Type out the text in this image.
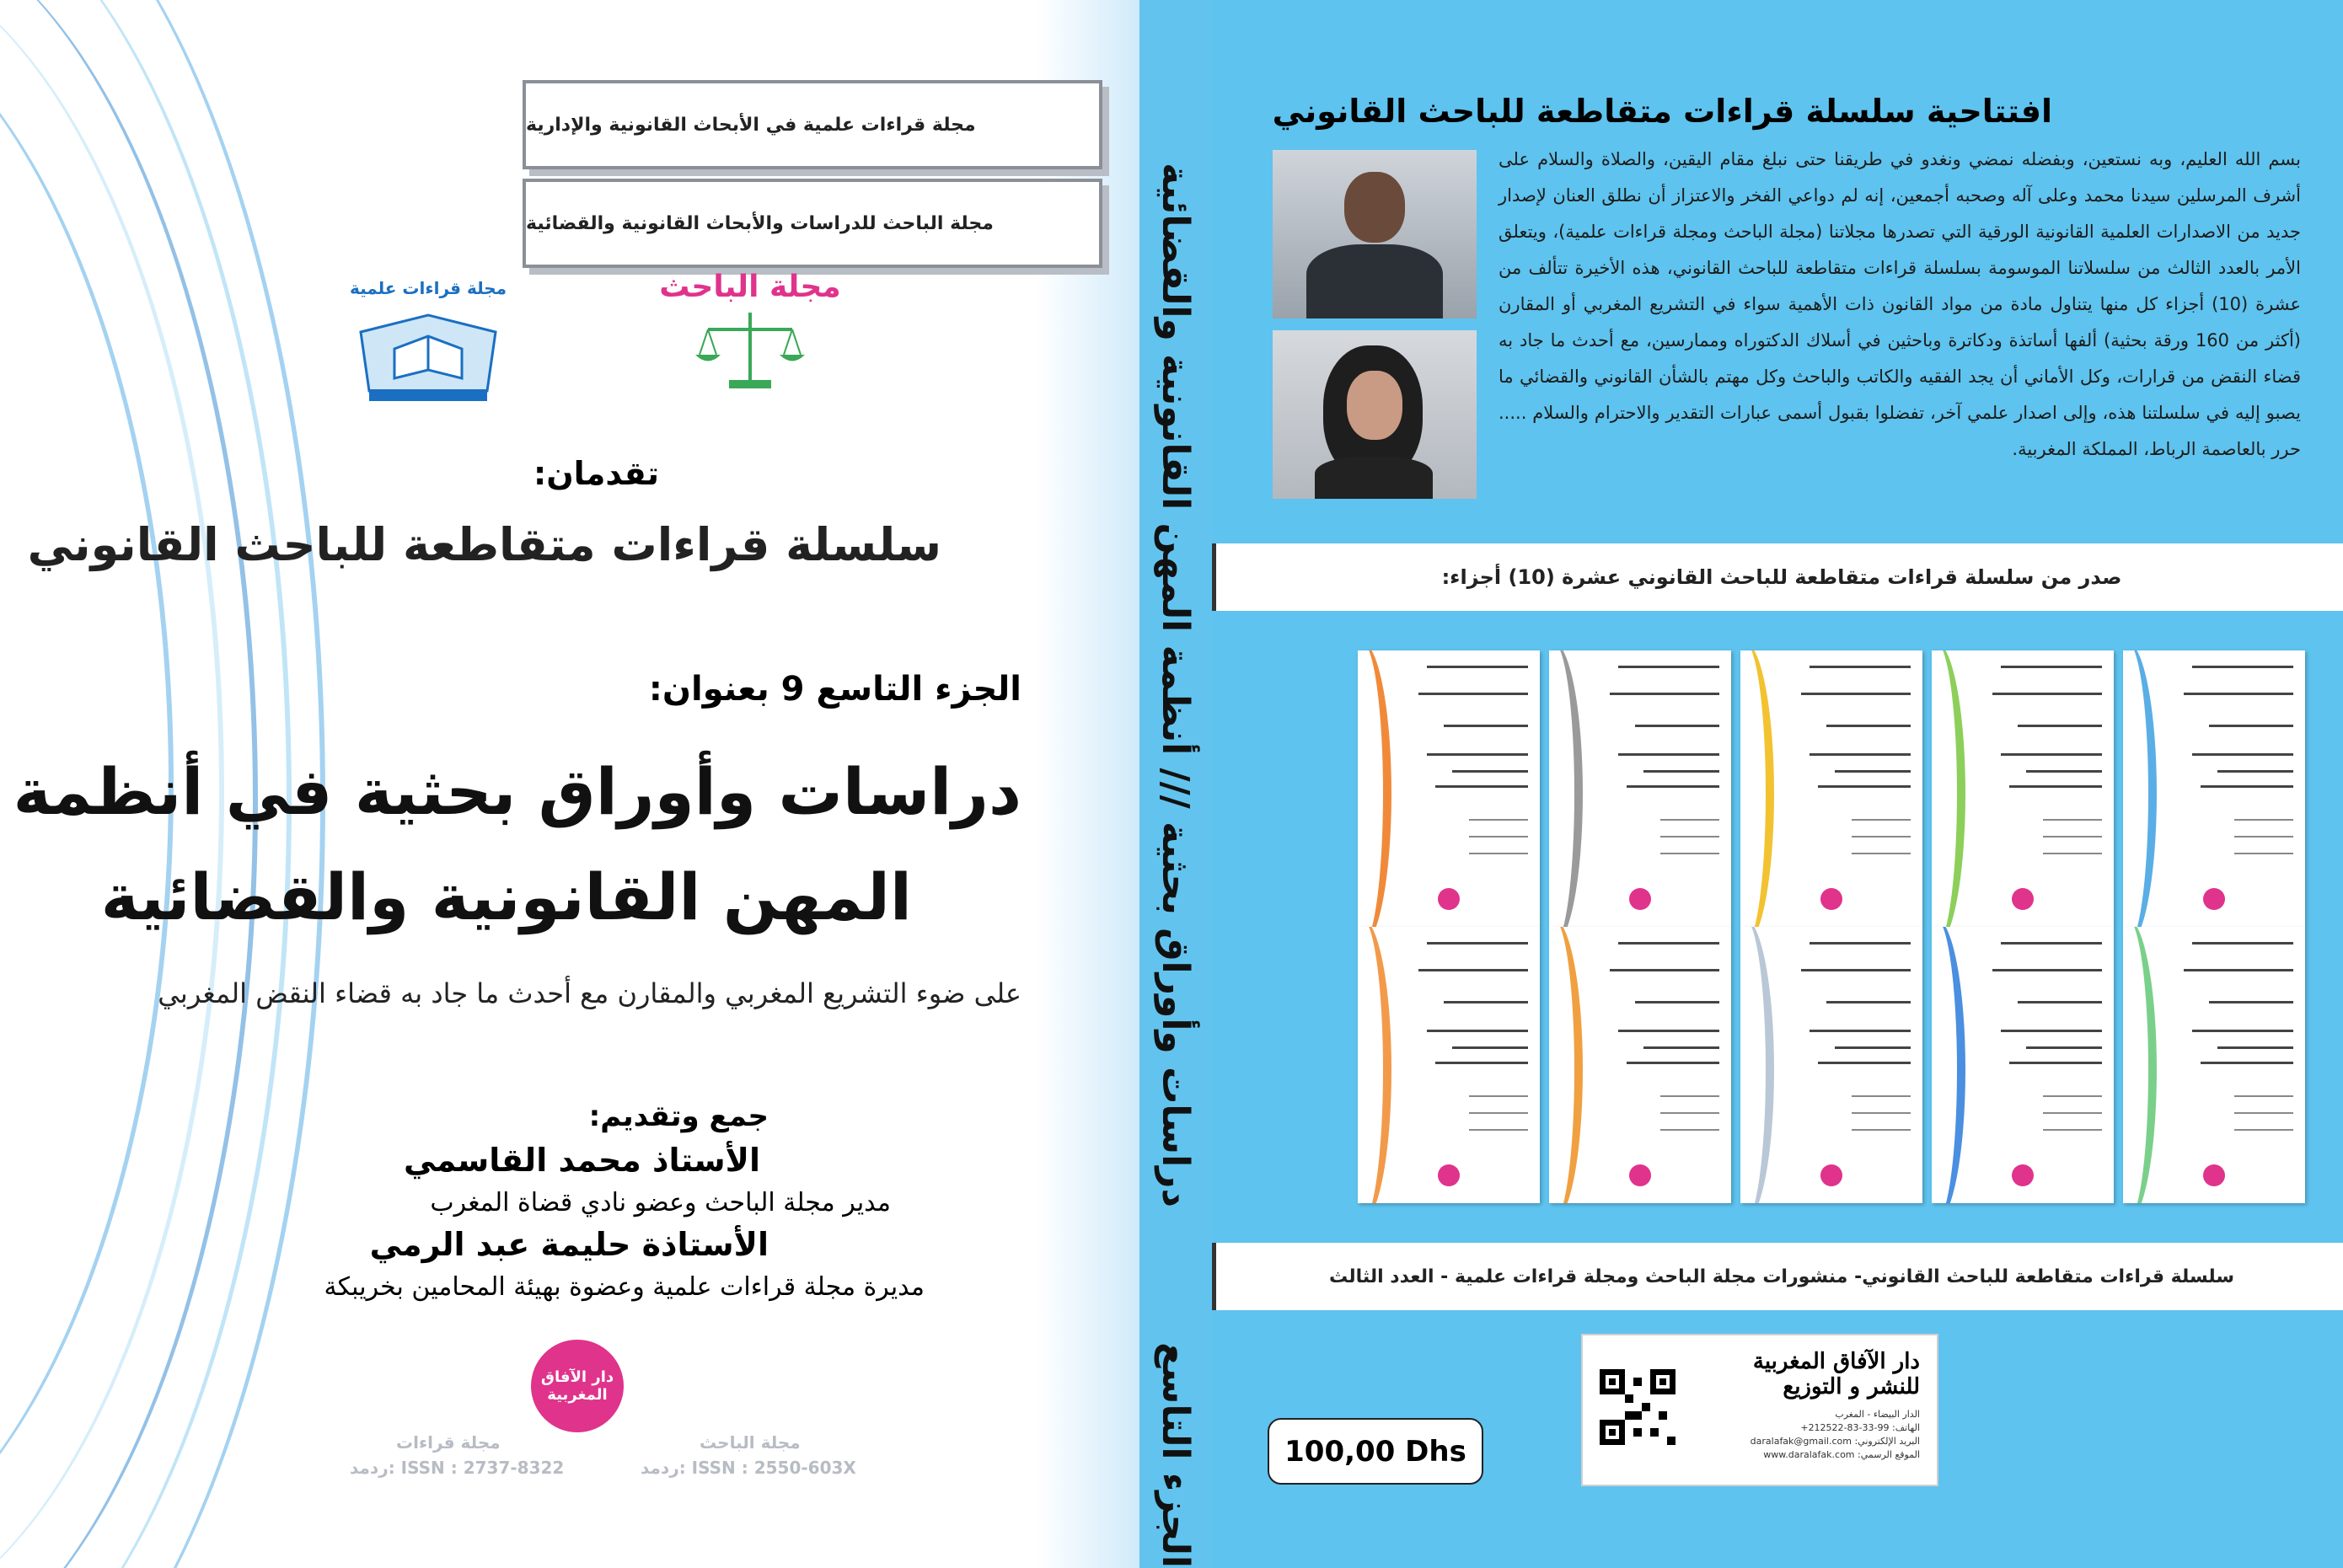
مجلة قراءات علمية في الأبحاث القانونية والإدارية
مجلة الباحث للدراسات والأبحاث القانونية والقضائية
مجلة قراءات علمية	مجلة الباحث
تقدمان:
سلسلة قراءات متقاطعة للباحث القانوني
الجزء التاسع 9 بعنوان:
دراسات وأوراق بحثية في أنظمة
المهن القانونية والقضائية
على ضوء التشريع المغربي والمقارن مع أحدث ما جاد به قضاء النقض المغربي
جمع وتقديم:
الأستاذ محمد القاسمي
مدير مجلة الباحث وعضو نادي قضاة المغرب
الأستاذة حليمة عبد الرمي
مديرة مجلة قراءات علمية وعضوة بهيئة المحامين بخريبكة
دار الآفاق المغربية
مجلة قراءات
ردمد: ISSN : 2737-8322
مجلة الباحث
ردمد: ISSN : 2550-603X	الجزء التاسع
دراسات وأوراق بحثية /// أنظمة المهن القانونية والقضائية
افتتاحية سلسلة قراءات متقاطعة للباحث القانوني
بسم الله العليم، وبه نستعين، وبفضله نمضي ونغدو في طريقنا حتى نبلغ مقام اليقين، والصلاة والسلام على أشرف المرسلين سيدنا محمد وعلى آله وصحبه أجمعين، إنه لم دواعي الفخر والاعتزاز أن نطلق العنان لإصدار جديد من الاصدارات العلمية القانونية الورقية التي تصدرها مجلاتنا (مجلة الباحث ومجلة قراءات علمية)، ويتعلق الأمر بالعدد الثالث من سلسلاتنا الموسومة بسلسلة قراءات متقاطعة للباحث القانوني، هذه الأخيرة تتألف من عشرة (10) أجزاء كل منها يتناول مادة من مواد القانون ذات الأهمية سواء في التشريع المغربي أو المقارن (أكثر من 160 ورقة بحثية) ألفها أساتذة ودكاترة وباحثين في أسلاك الدكتوراه وممارسين، مع أحدث ما جاد به قضاء النقض من قرارات، وكل الأماني أن يجد الفقيه والكاتب والباحث وكل مهتم بالشأن القانوني والقضائي ما يصبو إليه في سلسلتنا هذه، وإلى اصدار علمي آخر، تفضلوا بقبول أسمى عبارات التقدير والاحترام والسلام ..... حرر بالعاصمة الرباط، المملكة المغربية.
صدر من سلسلة قراءات متقاطعة للباحث القانوني عشرة (10) أجزاء:
سلسلة قراءات متقاطعة للباحث القانوني- منشورات مجلة الباحث ومجلة قراءات علمية - العدد الثالث
دار الآفاق المغربية للنشر و التوزيع
الدار البيضاء - المغرب
الهاتف: 99-33-83-212522+
البريد الإلكتروني: daralafak@gmail.com
الموقع الرسمي: www.daralafak.com
100,00 Dhs
